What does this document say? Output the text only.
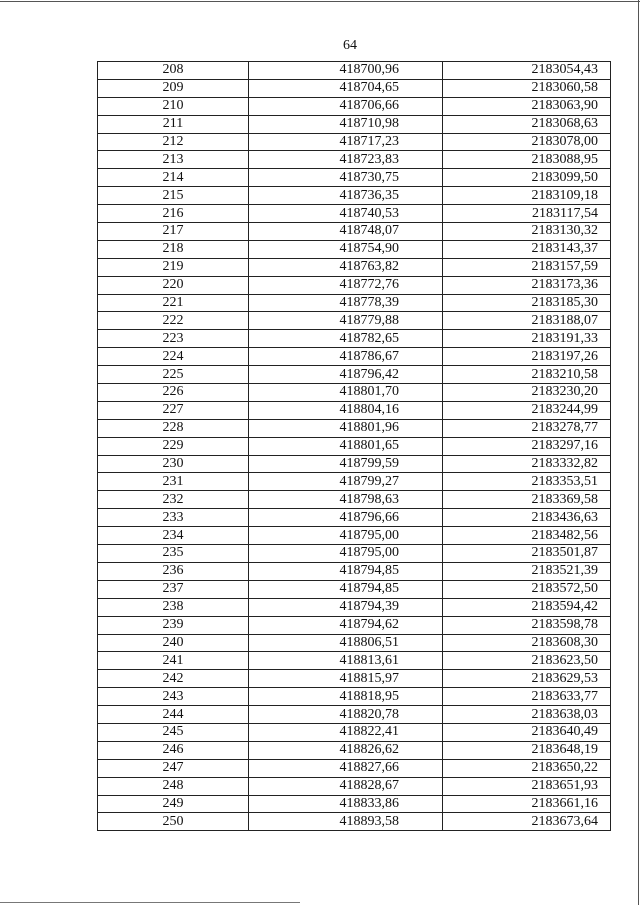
64
208	418700,96	2183054,43
209	418704,65	2183060,58
210	418706,66	2183063,90
211	418710,98	2183068,63
212	418717,23	2183078,00
213	418723,83	2183088,95
214	418730,75	2183099,50
215	418736,35	2183109,18
216	418740,53	2183117,54
217	418748,07	2183130,32
218	418754,90	2183143,37
219	418763,82	2183157,59
220	418772,76	2183173,36
221	418778,39	2183185,30
222	418779,88	2183188,07
223	418782,65	2183191,33
224	418786,67	2183197,26
225	418796,42	2183210,58
226	418801,70	2183230,20
227	418804,16	2183244,99
228	418801,96	2183278,77
229	418801,65	2183297,16
230	418799,59	2183332,82
231	418799,27	2183353,51
232	418798,63	2183369,58
233	418796,66	2183436,63
234	418795,00	2183482,56
235	418795,00	2183501,87
236	418794,85	2183521,39
237	418794,85	2183572,50
238	418794,39	2183594,42
239	418794,62	2183598,78
240	418806,51	2183608,30
241	418813,61	2183623,50
242	418815,97	2183629,53
243	418818,95	2183633,77
244	418820,78	2183638,03
245	418822,41	2183640,49
246	418826,62	2183648,19
247	418827,66	2183650,22
248	418828,67	2183651,93
249	418833,86	2183661,16
250	418893,58	2183673,64
